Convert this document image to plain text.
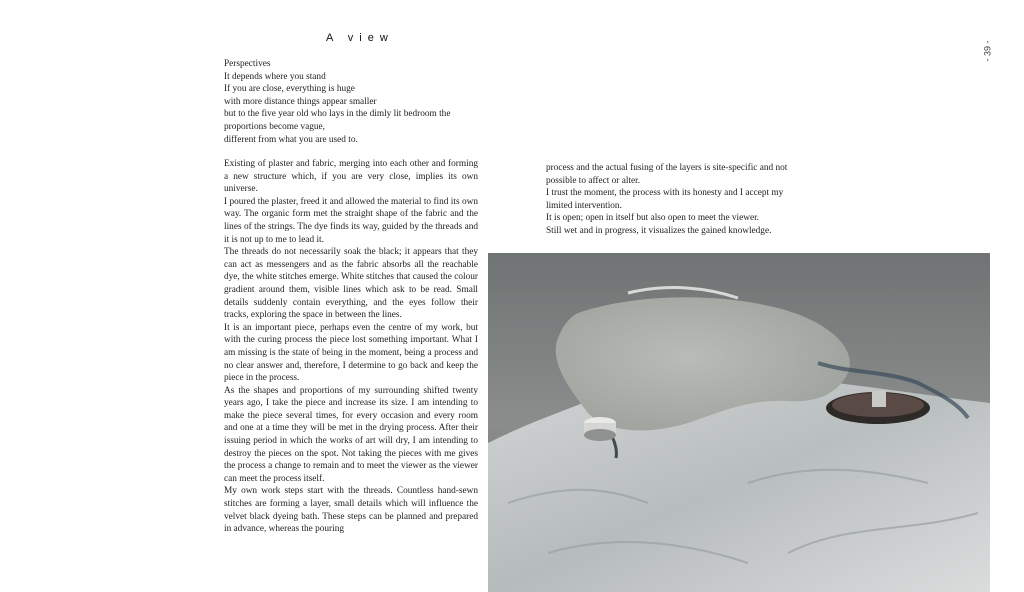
A view
- 39 -
Perspectives
It depends where you stand
If you are close, everything is huge
with more distance things appear smaller
but to the five year old who lays in the dimly lit bedroom the
proportions become vague,
different from what you are used to.
Existing of plaster and fabric, merging into each other and forming a new structure which, if you are very close, implies its own universe.
I poured the plaster, freed it and allowed the material to find its own way. The organic form met the straight shape of the fabric and the lines of the strings. The dye finds its way, guided by the threads and it is not up to me to lead it.
The threads do not necessarily soak the black; it appears that they can act as messengers and as the fabric absorbs all the reachable dye, the white stitches emerge. White stitches that caused the colour gradient around them, visible lines which ask to be read. Small details suddenly contain everything, and the eyes follow their tracks, exploring the space in between the lines.
It is an important piece, perhaps even the centre of my work, but with the curing process the piece lost something important. What I am missing is the state of being in the moment, being a process and no clear answer and, therefore, I determine to go back and keep the piece in the process.
As the shapes and proportions of my surrounding shifted twenty years ago, I take the piece and increase its size. I am intending to make the piece several times, for every occasion and every room and one at a time they will be met in the drying process. After their issuing period in which the works of art will dry, I am intending to destroy the pieces on the spot. Not taking the pieces with me gives the process a change to remain and to meet the viewer as the viewer can meet the process itself.
My own work steps start with the threads. Countless hand-sewn stitches are forming a layer, small details which will influence the velvet black dyeing bath. These steps can be planned and prepared in advance, whereas the pouring
process and the actual fusing of the layers is site-specific and not possible to affect or alter.
I trust the moment, the process with its honesty and I accept my limited intervention.
It is open; open in itself but also open to meet the viewer.
Still wet and in progress, it visualizes the gained knowledge.
